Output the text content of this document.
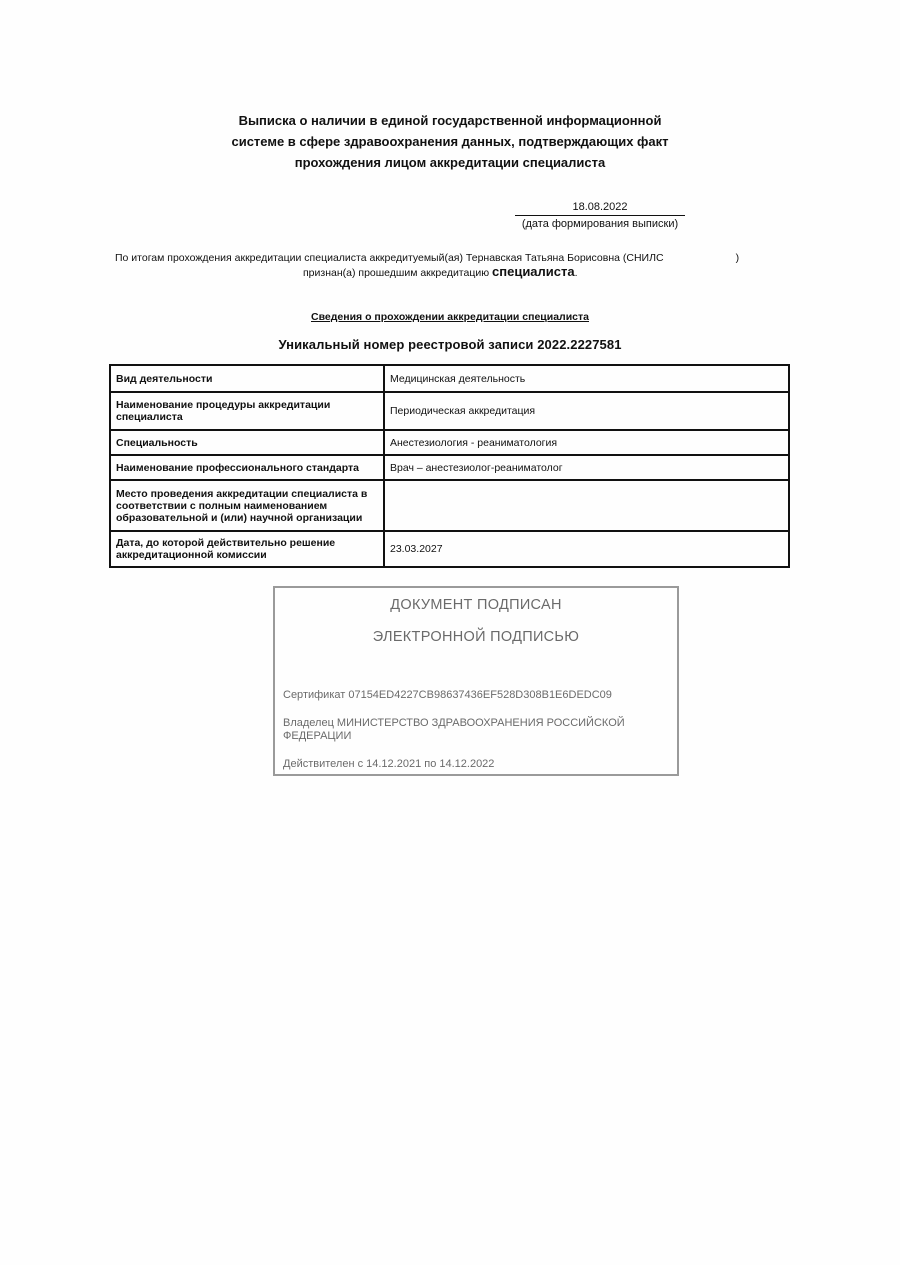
Выписка о наличии в единой государственной информационной
системе в сфере здравоохранения данных, подтверждающих факт
прохождения лицом аккредитации специалиста
18.08.2022
(дата формирования выписки)
По итогам прохождения аккредитации специалиста аккредитуемый(ая) Тернавская Татьяна Борисовна (СНИЛС	)
признан(а) прошедшим аккредитацию специалиста.
Сведения о прохождении аккредитации специалиста
Уникальный номер реестровой записи 2022.2227581
Вид деятельности	Медицинская деятельность
Наименование процедуры аккредитации специалиста	Периодическая аккредитация
Специальность	Анестезиология - реаниматология
Наименование профессионального стандарта	Врач – анестезиолог-реаниматолог
Место проведения аккредитации специалиста в соответствии с полным наименованием образовательной и (или) научной организации	
Дата, до которой действительно решение аккредитационной комиссии	23.03.2027
ДОКУМЕНТ ПОДПИСАН
ЭЛЕКТРОННОЙ ПОДПИСЬЮ
Сертификат 07154ED4227CB98637436EF528D308B1E6DEDC09
Владелец МИНИСТЕРСТВО ЗДРАВООХРАНЕНИЯ РОССИЙСКОЙ ФЕДЕРАЦИИ
Действителен с 14.12.2021 по 14.12.2022
